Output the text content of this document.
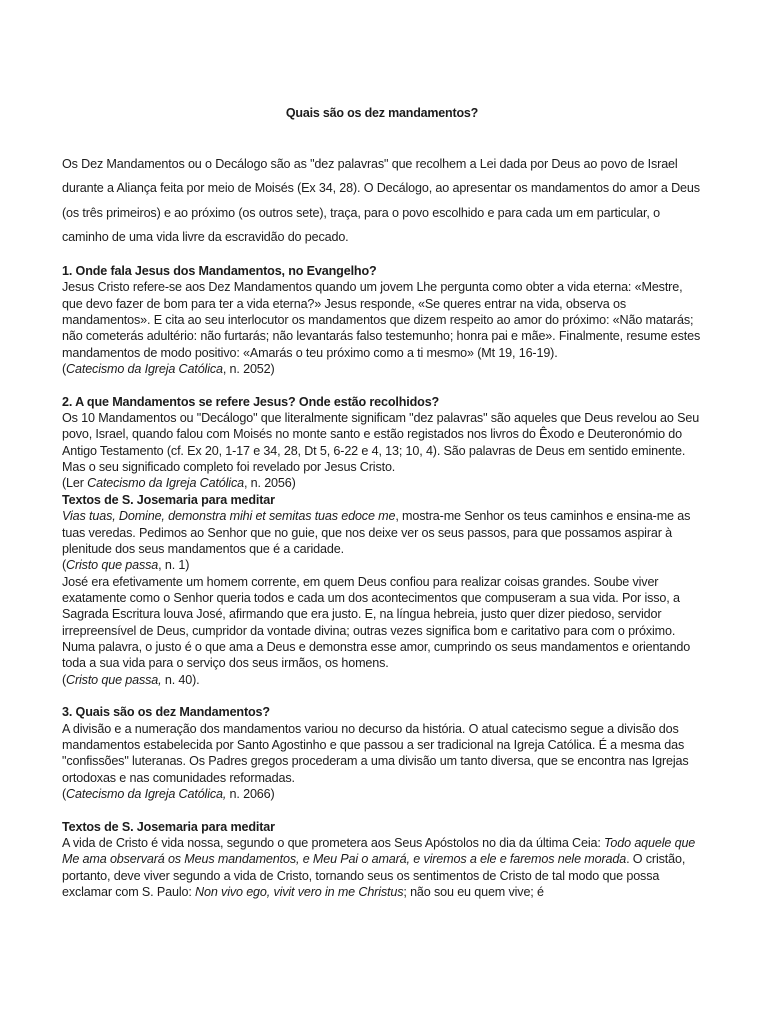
Quais são os dez mandamentos?
Os Dez Mandamentos ou o Decálogo são as "dez palavras" que recolhem a Lei dada por Deus ao povo de Israel durante a Aliança feita por meio de Moisés (Ex 34, 28). O Decálogo, ao apresentar os mandamentos do amor a Deus (os três primeiros) e ao próximo (os outros sete), traça, para o povo escolhido e para cada um em particular, o caminho de uma vida livre da escravidão do pecado.

1. Onde fala Jesus dos Mandamentos, no Evangelho?

Jesus Cristo refere-se aos Dez Mandamentos quando um jovem Lhe pergunta como obter a vida eterna: «Mestre, que devo fazer de bom para ter a vida eterna?» Jesus responde, «Se queres entrar na vida, observa os mandamentos». E cita ao seu interlocutor os mandamentos que dizem respeito ao amor do próximo: «Não matarás; não cometerás adultério: não furtarás; não levantarás falso testemunho; honra pai e mãe». Finalmente, resume estes mandamentos de modo positivo: «Amarás o teu próximo como a ti mesmo» (Mt 19, 16-19).

(Catecismo da Igreja Católica, n. 2052)

2. A que Mandamentos se refere Jesus? Onde estão recolhidos?

Os 10 Mandamentos ou "Decálogo" que literalmente significam "dez palavras" são aqueles que Deus revelou ao Seu povo, Israel, quando falou com Moisés no monte santo e estão registados nos livros do Êxodo e Deuteronómio do Antigo Testamento (cf. Ex 20, 1-17 e 34, 28, Dt 5, 6-22 e 4, 13; 10, 4). São palavras de Deus em sentido eminente. Mas o seu significado completo foi revelado por Jesus Cristo.

(Ler Catecismo da Igreja Católica, n. 2056)

Textos de S. Josemaria para meditar

Vias tuas, Domine, demonstra mihi et semitas tuas edoce me, mostra-me Senhor os teus caminhos e ensina-me as tuas veredas. Pedimos ao Senhor que no guie, que nos deixe ver os seus passos, para que possamos aspirar à plenitude dos seus mandamentos que é a caridade.

(Cristo que passa, n. 1)

José era efetivamente um homem corrente, em quem Deus confiou para realizar coisas grandes. Soube viver exatamente como o Senhor queria todos e cada um dos acontecimentos que compuseram a sua vida. Por isso, a Sagrada Escritura louva José, afirmando que era justo. E, na língua hebreia, justo quer dizer piedoso, servidor irrepreensível de Deus, cumpridor da vontade divina; outras vezes significa bom e caritativo para com o próximo.

Numa palavra, o justo é o que ama a Deus e demonstra esse amor, cumprindo os seus mandamentos e orientando toda a sua vida para o serviço dos seus irmãos, os homens.

(Cristo que passa, n. 40).

3. Quais são os dez Mandamentos?

A divisão e a numeração dos mandamentos variou no decurso da história. O atual catecismo segue a divisão dos mandamentos estabelecida por Santo Agostinho e que passou a ser tradicional na Igreja Católica. É a mesma das "confissões" luteranas. Os Padres gregos procederam a uma divisão um tanto diversa, que se encontra nas Igrejas ortodoxas e nas comunidades reformadas.

(Catecismo da Igreja Católica, n. 2066)

Textos de S. Josemaria para meditar

A vida de Cristo é vida nossa, segundo o que prometera aos Seus Apóstolos no dia da última Ceia: Todo aquele que Me ama observará os Meus mandamentos, e Meu Pai o amará, e viremos a ele e faremos nele morada. O cristão, portanto, deve viver segundo a vida de Cristo, tornando seus os sentimentos de Cristo de tal modo que possa exclamar com S. Paulo: Non vivo ego, vivit vero in me Christus; não sou eu quem vive; é
